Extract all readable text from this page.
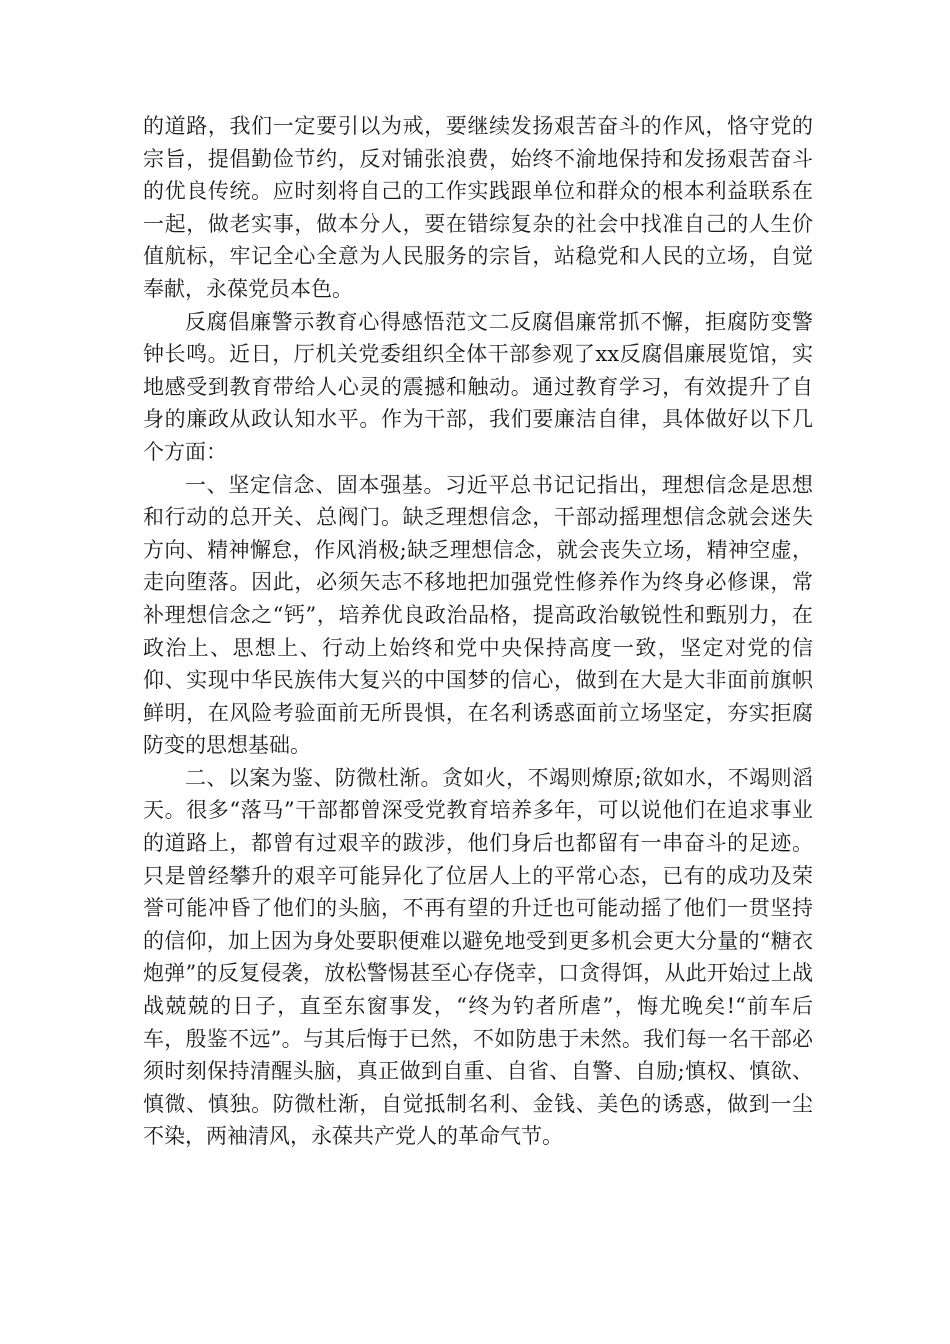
的道路，我们一定要引以为戒，要继续发扬艰苦奋斗的作风，恪守党的宗旨，提倡勤俭节约，反对铺张浪费，始终不渝地保持和发扬艰苦奋斗的优良传统。应时刻将自己的工作实践跟单位和群众的根本利益联系在一起，做老实事，做本分人，要在错综复杂的社会中找准自己的人生价值航标，牢记全心全意为人民服务的宗旨，站稳党和人民的立场，自觉奉献，永葆党员本色。

反腐倡廉警示教育心得感悟范文二反腐倡廉常抓不懈，拒腐防变警钟长鸣。近日，厅机关党委组织全体干部参观了xx反腐倡廉展览馆，实地感受到教育带给人心灵的震撼和触动。通过教育学习，有效提升了自身的廉政从政认知水平。作为干部，我们要廉洁自律，具体做好以下几个方面：

一、坚定信念、固本强基。习近平总书记记指出，理想信念是思想和行动的总开关、总阀门。缺乏理想信念，干部动摇理想信念就会迷失方向、精神懈怠，作风消极;缺乏理想信念，就会丧失立场，精神空虚，走向堕落。因此，必须矢志不移地把加强党性修养作为终身必修课，常补理想信念之“钙”，培养优良政治品格，提高政治敏锐性和甄别力，在政治上、思想上、行动上始终和党中央保持高度一致，坚定对党的信仰、实现中华民族伟大复兴的中国梦的信心，做到在大是大非面前旗帜鲜明，在风险考验面前无所畏惧，在名利诱惑面前立场坚定，夯实拒腐防变的思想基础。

二、以案为鉴、防微杜渐。贪如火，不竭则燎原;欲如水，不竭则滔天。很多“落马”干部都曾深受党教育培养多年，可以说他们在追求事业的道路上，都曾有过艰辛的跋涉，他们身后也都留有一串奋斗的足迹。只是曾经攀升的艰辛可能异化了位居人上的平常心态，已有的成功及荣誉可能冲昏了他们的头脑，不再有望的升迁也可能动摇了他们一贯坚持的信仰，加上因为身处要职便难以避免地受到更多机会更大分量的“糖衣炮弹”的反复侵袭，放松警惕甚至心存侥幸，口贪得饵，从此开始过上战战兢兢的日子，直至东窗事发，“终为钓者所虐”，悔尤晚矣!“前车后车，殷鉴不远”。与其后悔于已然，不如防患于未然。我们每一名干部必须时刻保持清醒头脑，真正做到自重、自省、自警、自励;慎权、慎欲、慎微、慎独。防微杜渐，自觉抵制名利、金钱、美色的诱惑，做到一尘不染，两袖清风，永葆共产党人的革命气节。
